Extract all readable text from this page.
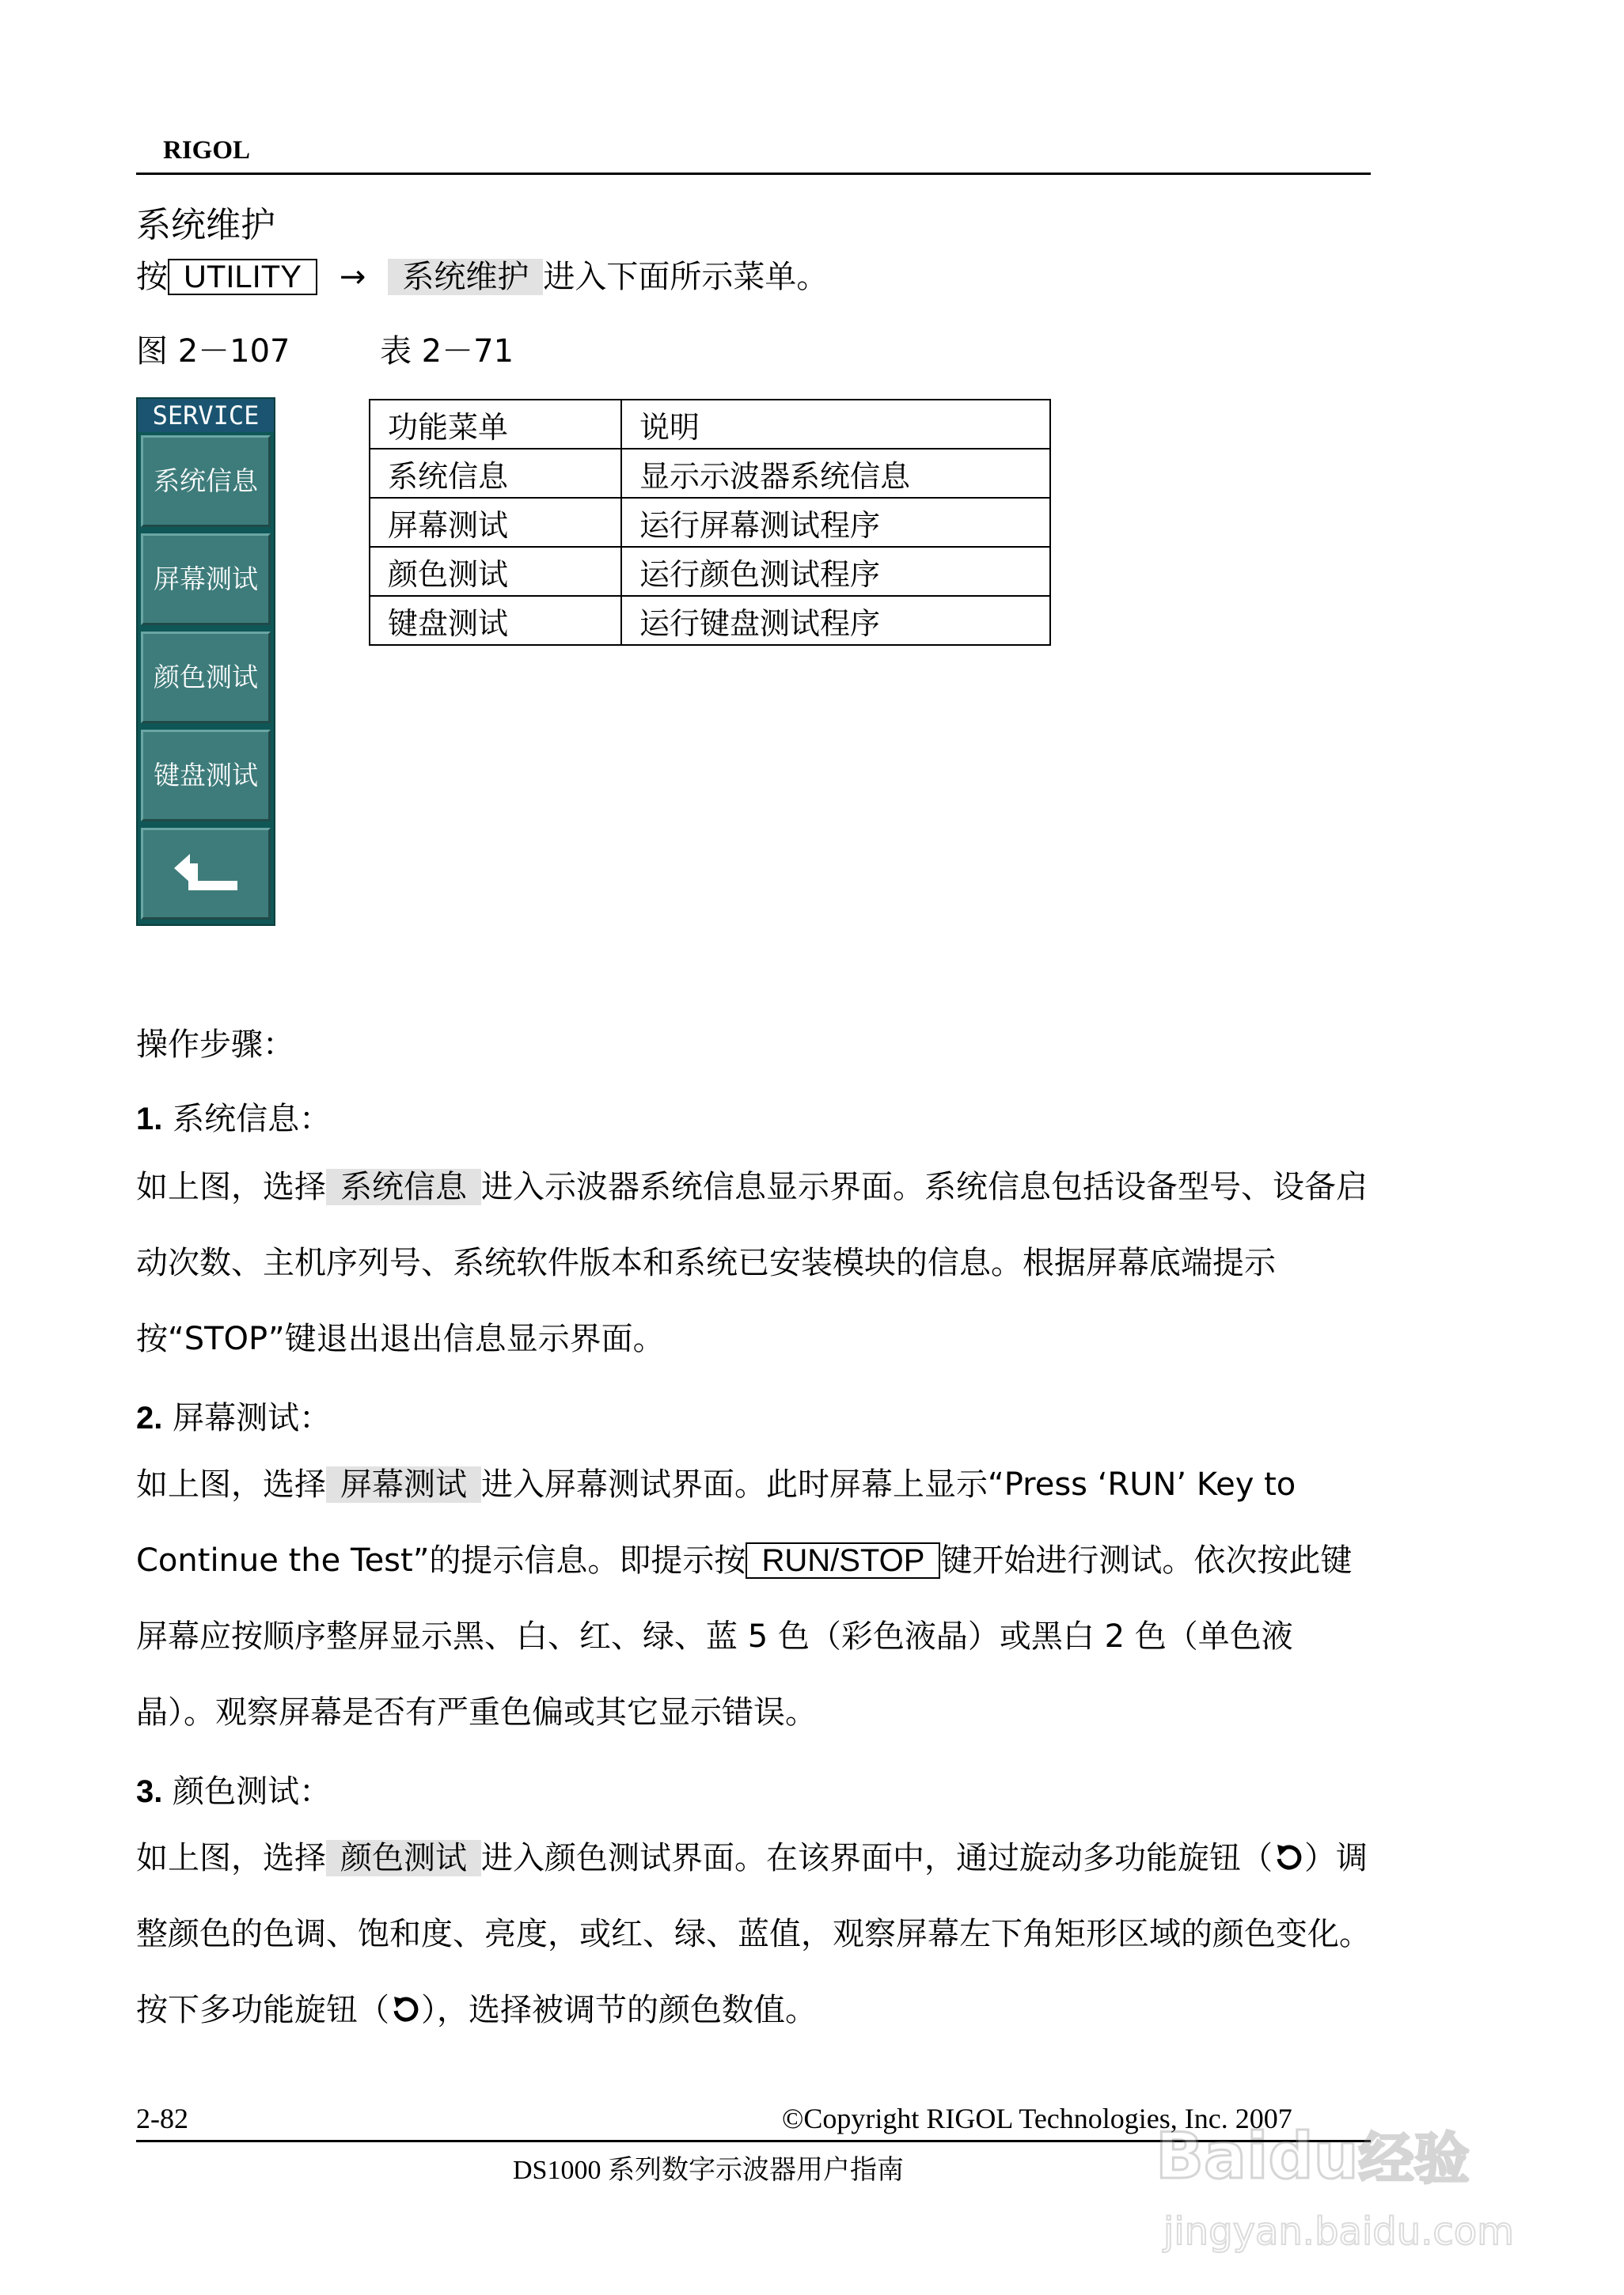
RIGOL
系统维护
按 UTILITY → 系统维护 进入下面所示菜单。
图 2－107	表 2－71
SERVICE
系统信息
屏幕测试
颜色测试
键盘测试
功能菜单	说明
系统信息	显示示波器系统信息
屏幕测试	运行屏幕测试程序
颜色测试	运行颜色测试程序
键盘测试	运行键盘测试程序
操作步骤：
1. 系统信息：
如上图，选择 系统信息 进入示波器系统信息显示界面。系统信息包括设备型号、设备启动次数、主机序列号、系统软件版本和系统已安装模块的信息。根据屏幕底端提示按“STOP”键退出退出信息显示界面。
2. 屏幕测试：
如上图，选择 屏幕测试 进入屏幕测试界面。此时屏幕上显示“Press ‘RUN’ Key to Continue the Test”的提示信息。即提示按 RUN/STOP 键开始进行测试。依次按此键屏幕应按顺序整屏显示黑、白、红、绿、蓝 5 色（彩色液晶）或黑白 2 色（单色液晶）。观察屏幕是否有严重色偏或其它显示错误。
3. 颜色测试：
如上图，选择 颜色测试 进入颜色测试界面。在该界面中，通过旋动多功能旋钮（ ）调整颜色的色调、饱和度、亮度，或红、绿、蓝值，观察屏幕左下角矩形区域的颜色变化。按下多功能旋钮（ ），选择被调节的颜色数值。
2-82	©Copyright RIGOL Technologies, Inc. 2007
DS1000 系列数字示波器用户指南	Baidu经验
jingyan.baidu.com
